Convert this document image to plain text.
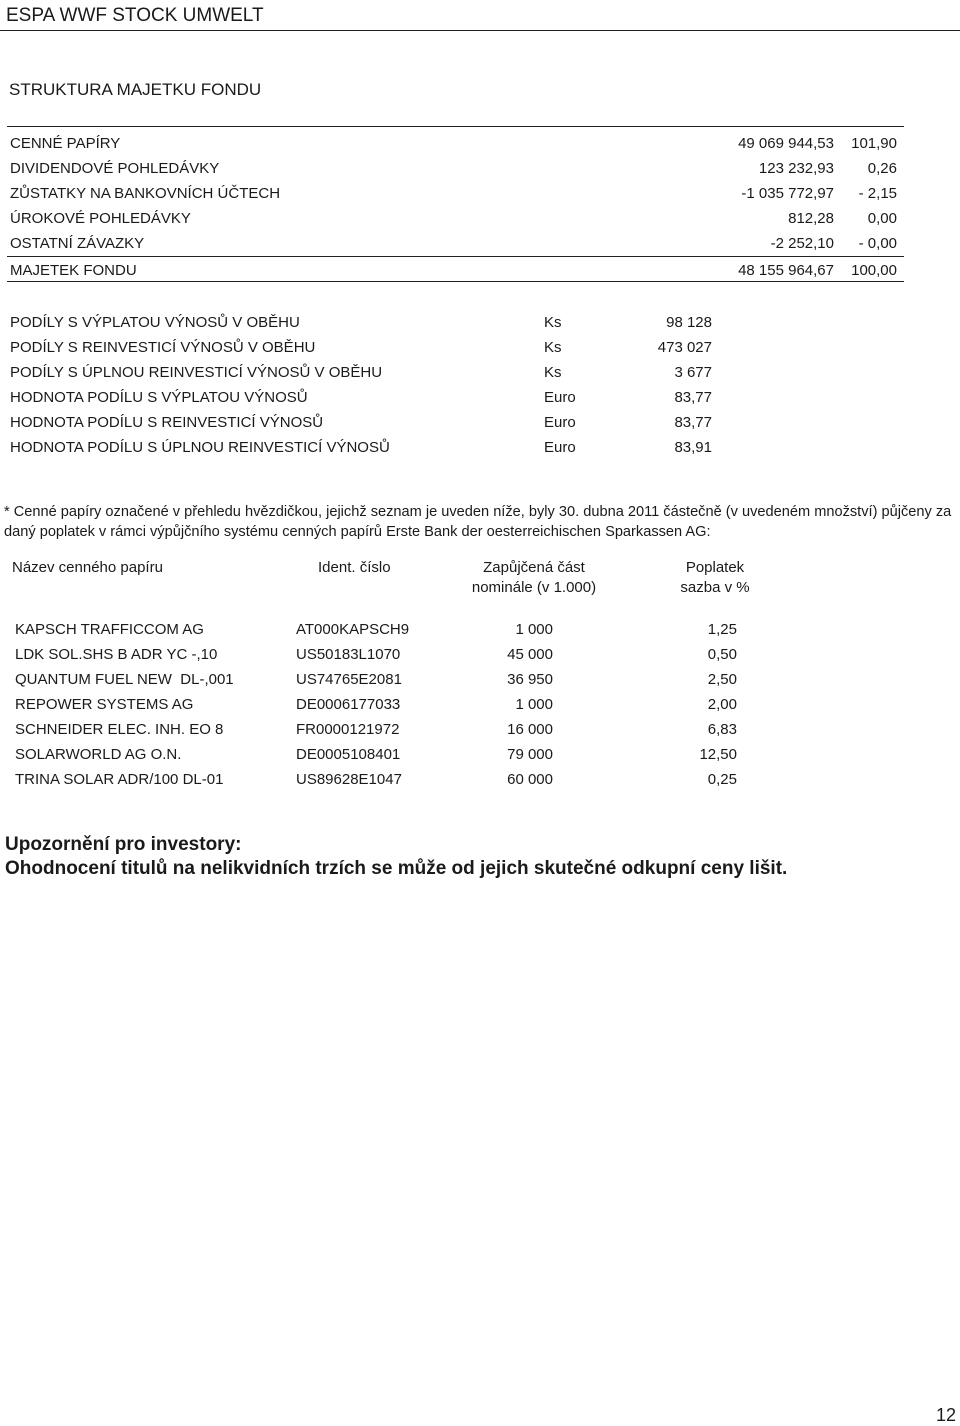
ESPA WWF STOCK UMWELT
STRUKTURA MAJETKU FONDU
CENNÉ PAPÍRY	49 069 944,53 101,90
DIVIDENDOVÉ POHLEDÁVKY	123 232,93 0,26
ZŮSTATKY NA BANKOVNÍCH ÚČTECH	-1 035 772,97 - 2,15
ÚROKOVÉ POHLEDÁVKY	812,28 0,00
OSTATNÍ ZÁVAZKY	-2 252,10 - 0,00
MAJETEK FONDU	48 155 964,67 100,00
PODÍLY S VÝPLATOU VÝNOSŮ V OBĚHU	Ks	98 128
PODÍLY S REINVESTICÍ VÝNOSŮ V OBĚHU	Ks	473 027
PODÍLY S ÚPLNOU REINVESTICÍ VÝNOSŮ V OBĚHU	Ks	3 677
HODNOTA PODÍLU S VÝPLATOU VÝNOSŮ	Euro	83,77
HODNOTA PODÍLU S REINVESTICÍ VÝNOSŮ	Euro	83,77
HODNOTA PODÍLU S ÚPLNOU REINVESTICÍ VÝNOSŮ	Euro	83,91
* Cenné papíry označené v přehledu hvězdičkou, jejichž seznam je uveden níže, byly 30. dubna 2011 částečně (v uvedeném množství) půjčeny za daný poplatek v rámci výpůjčního systému cenných papírů Erste Bank der oesterreichischen Sparkassen AG:
Název cenného papíru	Ident. číslo	Zapůjčená část
nominále (v 1.000)
Poplatek
sazba v %
KAPSCH TRAFFICCOM AG	AT000KAPSCH9	1 000	1,25
LDK SOL.SHS B ADR YC -,10	US50183L1070	45 000	0,50
QUANTUM FUEL NEW  DL-,001	US74765E2081	36 950	2,50
REPOWER SYSTEMS AG	DE0006177033	1 000	2,00
SCHNEIDER ELEC. INH. EO 8	FR0000121972	16 000	6,83
SOLARWORLD AG O.N.	DE0005108401	79 000	12,50
TRINA SOLAR ADR/100 DL-01	US89628E1047	60 000	0,25
Upozornění pro investory:
Ohodnocení titulů na nelikvidních trzích se může od jejich skutečné odkupní ceny lišit.
12
